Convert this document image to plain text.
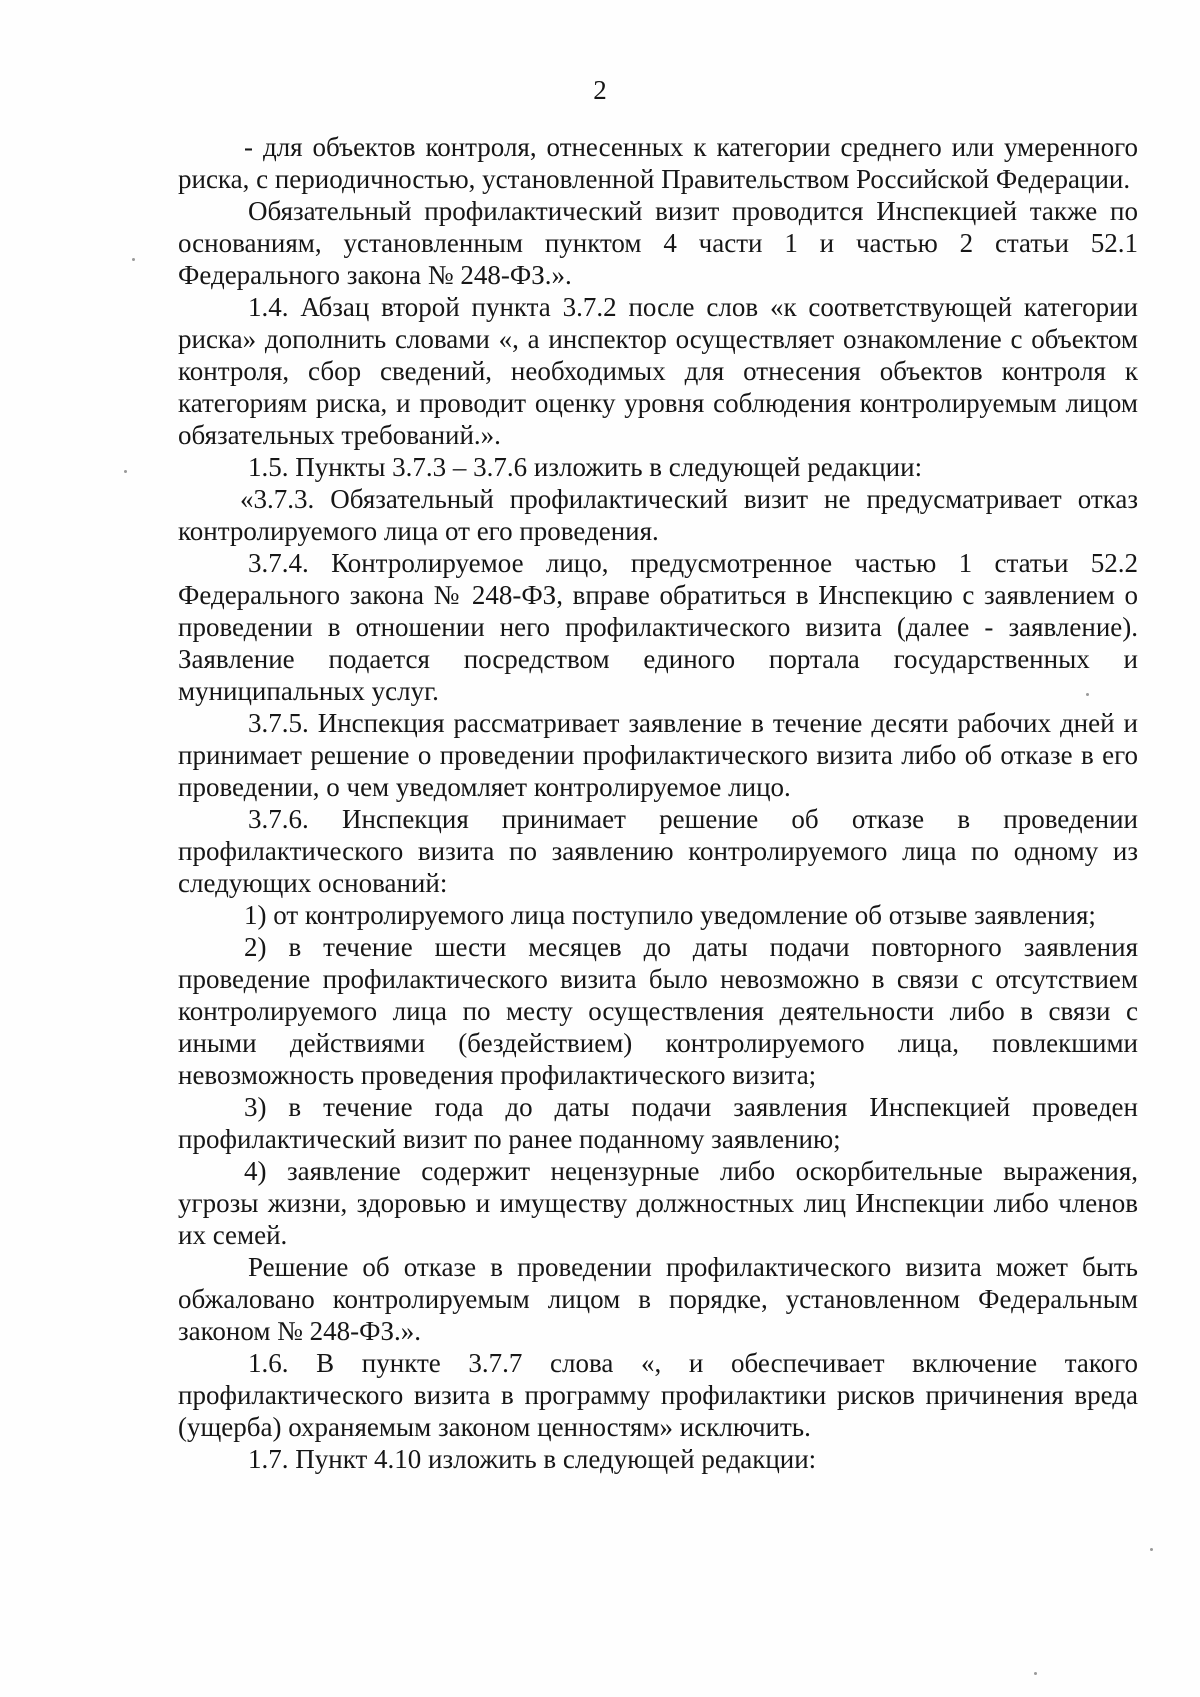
2

- для объектов контроля, отнесенных к категории среднего или умеренного риска, с периодичностью, установленной Правительством Российской Федерации.

Обязательный профилактический визит проводится Инспекцией также по основаниям, установленным пунктом 4 части 1 и частью 2 статьи 52.1 Федерального закона № 248-ФЗ.».

1.4. Абзац второй пункта 3.7.2 после слов «к соответствующей категории риска» дополнить словами «, а инспектор осуществляет ознакомление с объектом контроля, сбор сведений, необходимых для отнесения объектов контроля к категориям риска, и проводит оценку уровня соблюдения контролируемым лицом обязательных требований.».

1.5. Пункты 3.7.3 – 3.7.6 изложить в следующей редакции:

«3.7.3. Обязательный профилактический визит не предусматривает отказ контролируемого лица от его проведения.

3.7.4. Контролируемое лицо, предусмотренное частью 1 статьи 52.2 Федерального закона № 248-ФЗ, вправе обратиться в Инспекцию с заявлением о проведении в отношении него профилактического визита (далее - заявление). Заявление подается посредством единого портала государственных и муниципальных услуг.

3.7.5. Инспекция рассматривает заявление в течение десяти рабочих дней и принимает решение о проведении профилактического визита либо об отказе в его проведении, о чем уведомляет контролируемое лицо.

3.7.6. Инспекция принимает решение об отказе в проведении профилактического визита по заявлению контролируемого лица по одному из следующих оснований:

1) от контролируемого лица поступило уведомление об отзыве заявления;

2) в течение шести месяцев до даты подачи повторного заявления проведение профилактического визита было невозможно в связи с отсутствием контролируемого лица по месту осуществления деятельности либо в связи с иными действиями (бездействием) контролируемого лица, повлекшими невозможность проведения профилактического визита;

3) в течение года до даты подачи заявления Инспекцией проведен профилактический визит по ранее поданному заявлению;

4) заявление содержит нецензурные либо оскорбительные выражения, угрозы жизни, здоровью и имуществу должностных лиц Инспекции либо членов их семей.

Решение об отказе в проведении профилактического визита может быть обжаловано контролируемым лицом в порядке, установленном Федеральным законом № 248-ФЗ.».

1.6. В пункте 3.7.7 слова «, и обеспечивает включение такого профилактического визита в программу профилактики рисков причинения вреда (ущерба) охраняемым законом ценностям» исключить.

1.7. Пункт 4.10 изложить в следующей редакции:
